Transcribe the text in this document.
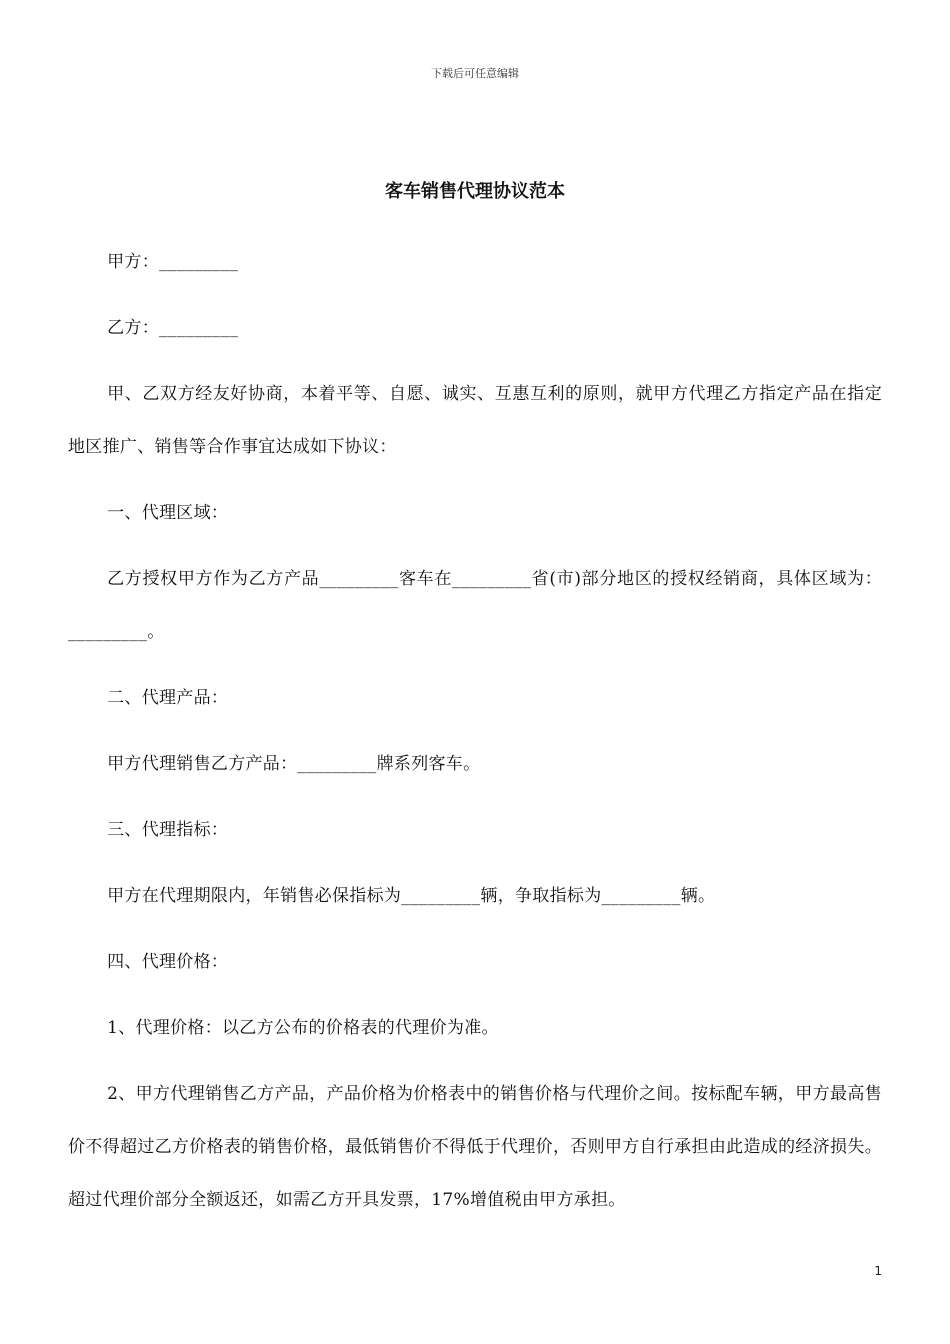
下载后可任意编辑
客车销售代理协议范本

甲方：_________

乙方：_________

甲、乙双方经友好协商，本着平等、自愿、诚实、互惠互利的原则，就甲方代理乙方指定产品在指定地区推广、销售等合作事宜达成如下协议：

一、代理区域：

乙方授权甲方作为乙方产品_________客车在_________省(市)部分地区的授权经销商，具体区域为：_________。

二、代理产品：

甲方代理销售乙方产品：_________牌系列客车。

三、代理指标：

甲方在代理期限内，年销售必保指标为_________辆，争取指标为_________辆。

四、代理价格：

1、代理价格：以乙方公布的价格表的代理价为准。

2、甲方代理销售乙方产品，产品价格为价格表中的销售价格与代理价之间。按标配车辆，甲方最高售价不得超过乙方价格表的销售价格，最低销售价不得低于代理价，否则甲方自行承担由此造成的经济损失。超过代理价部分全额返还，如需乙方开具发票，17%增值税由甲方承担。

1
